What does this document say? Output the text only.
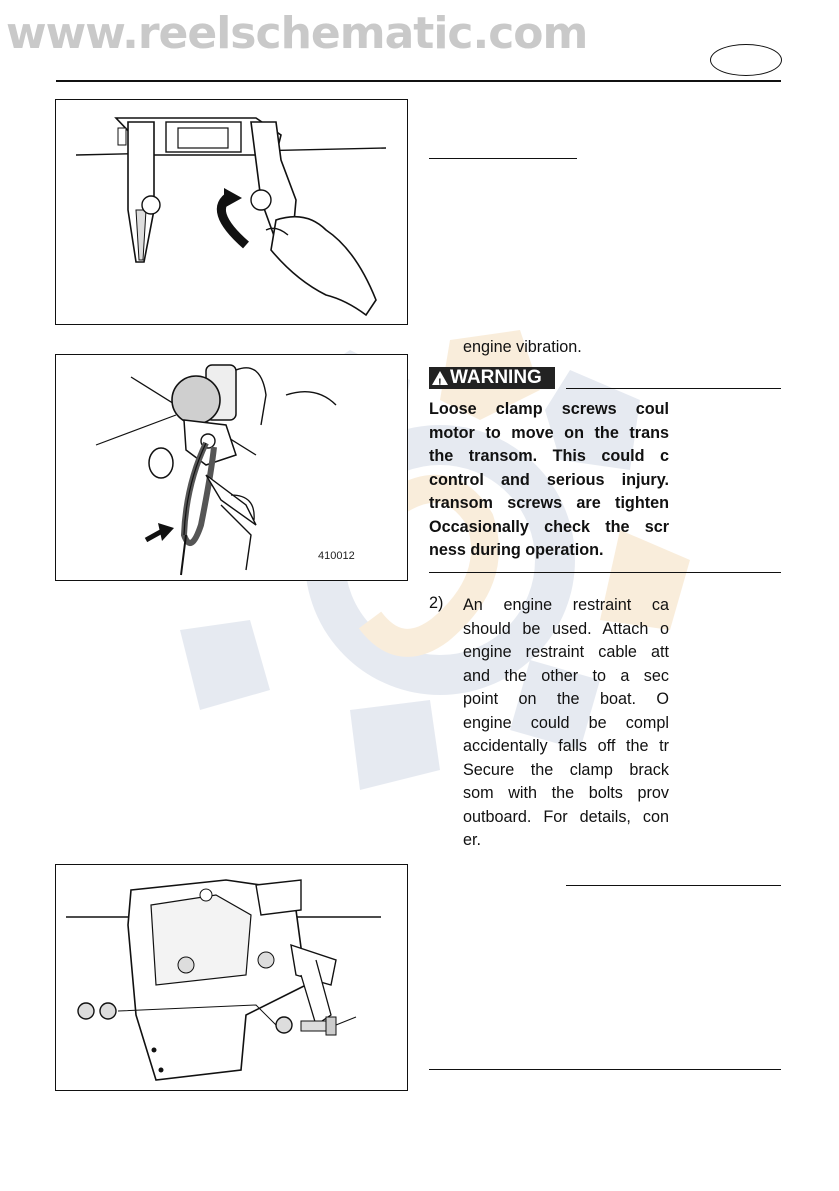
www.reelschematic.com
410012
engine vibration.
! WARNING
Loose clamp screws coul
motor to move on the trans
the transom. This could c
control and serious injury.
transom screws are tighten
Occasionally check the scr
ness during operation.
2) An engine restraint ca
should be used. Attach o
engine restraint cable att
and the other to a sec
point on the boat. O
engine could be compl
accidentally falls off the tr
Secure the clamp brack
som with the bolts prov
outboard. For details, con
er.
